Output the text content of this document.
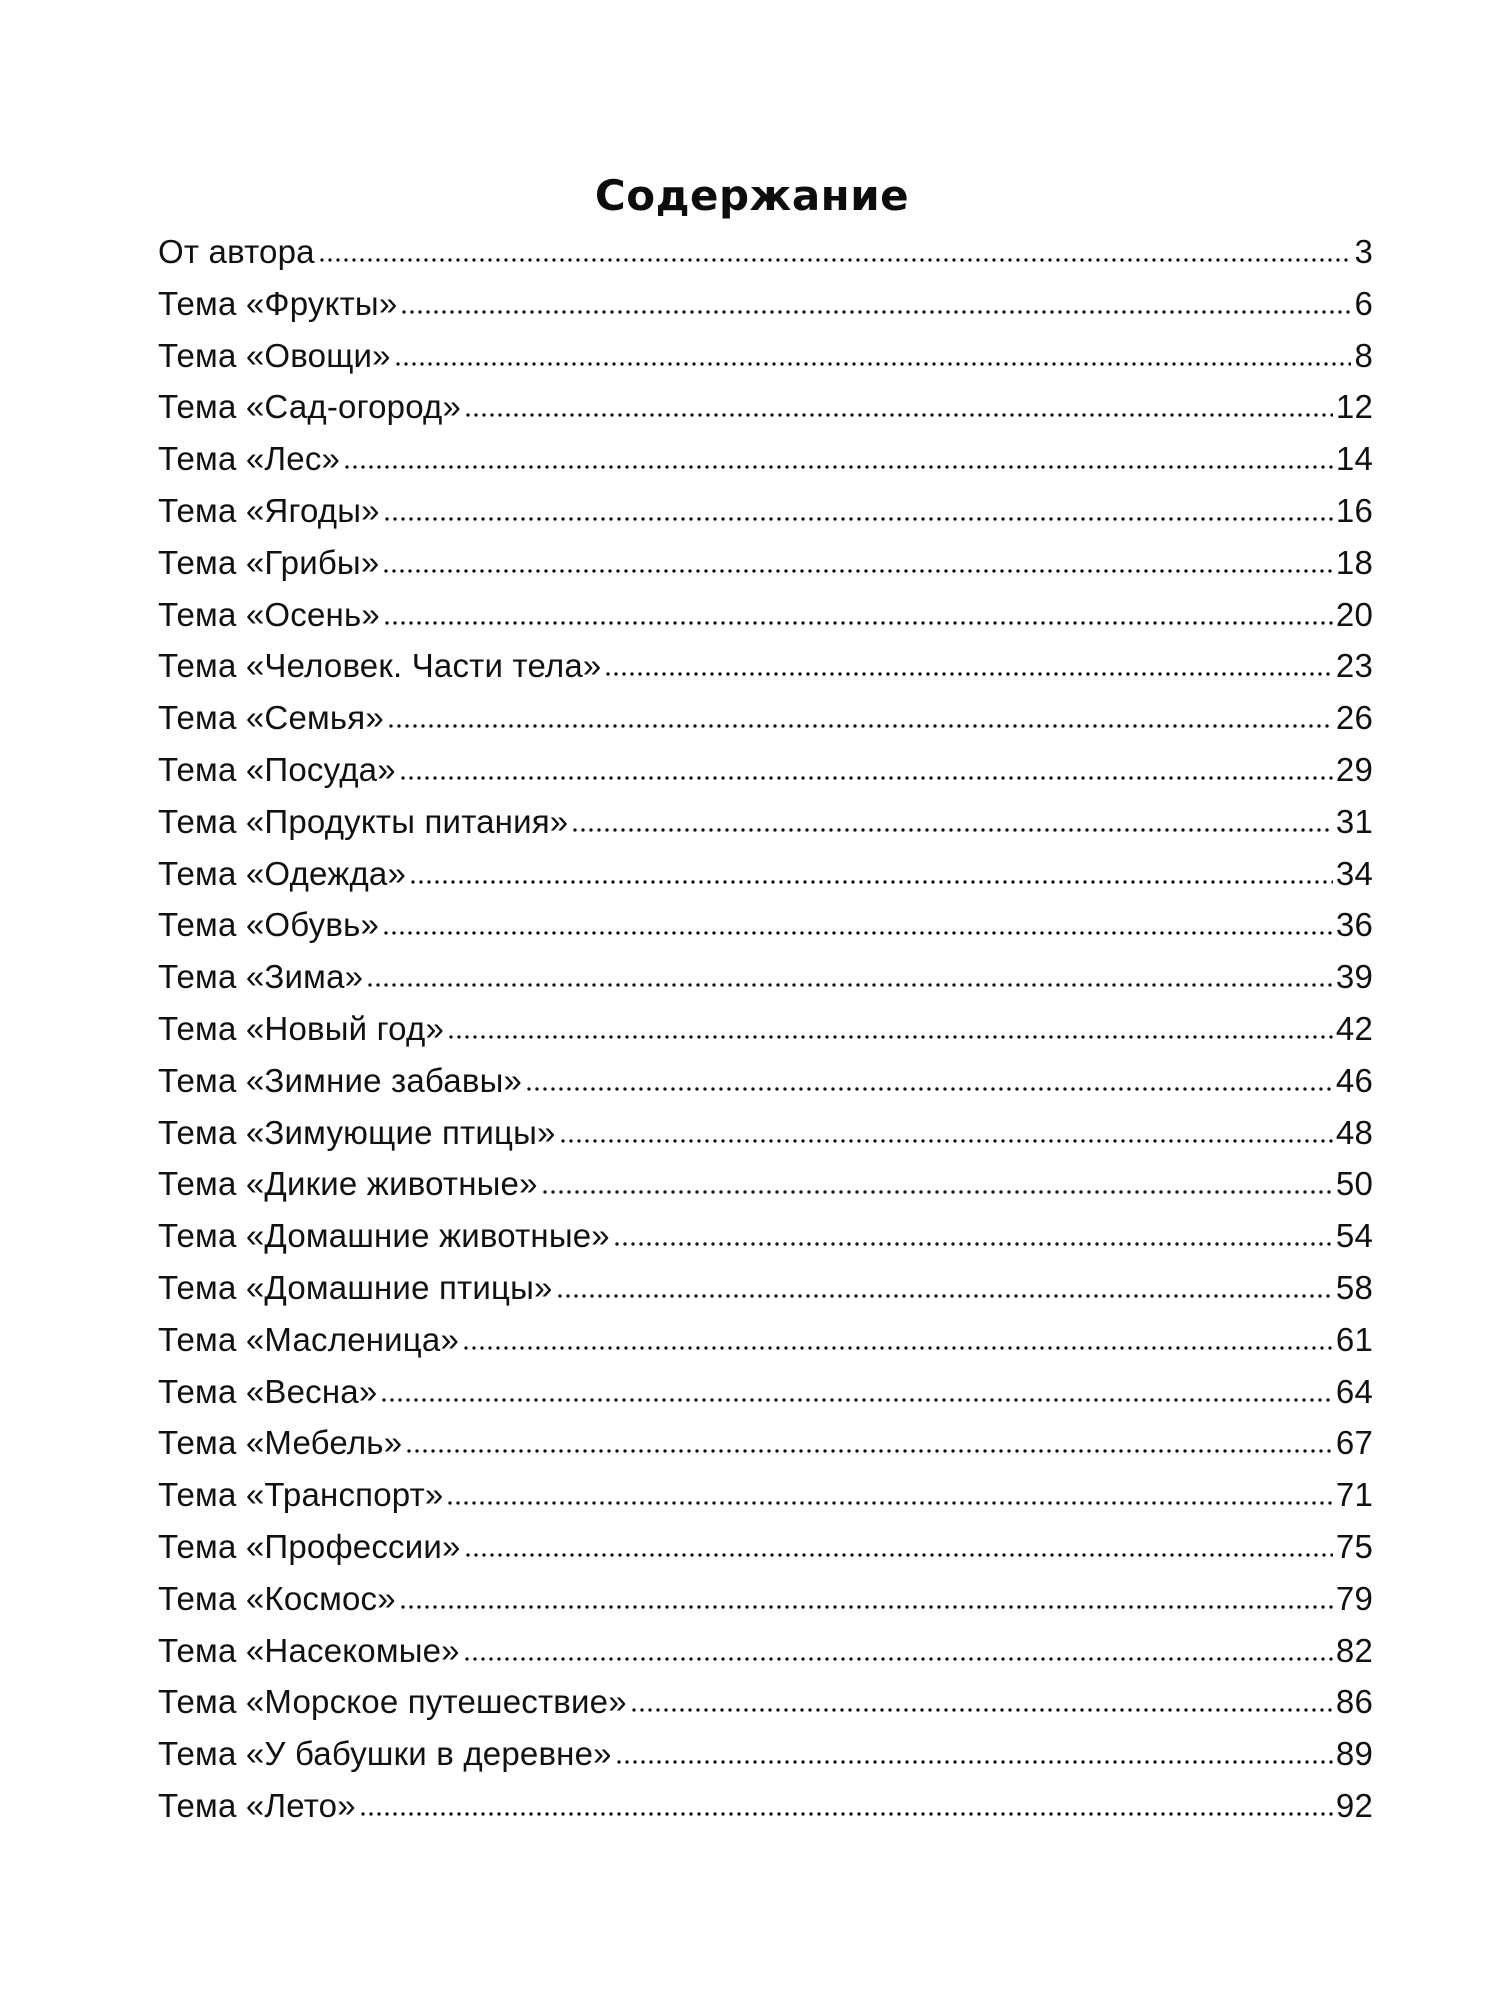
Содержание
От автора	3
Тема «Фрукты»	6
Тема «Овощи»	8
Тема «Сад-огород»	12
Тема «Лес»	14
Тема «Ягоды»	16
Тема «Грибы»	18
Тема «Осень»	20
Тема «Человек. Части тела»	23
Тема «Семья»	26
Тема «Посуда»	29
Тема «Продукты питания»	31
Тема «Одежда»	34
Тема «Обувь»	36
Тема «Зима»	39
Тема «Новый год»	42
Тема «Зимние забавы»	46
Тема «Зимующие птицы»	48
Тема «Дикие животные»	50
Тема «Домашние животные»	54
Тема «Домашние птицы»	58
Тема «Масленица»	61
Тема «Весна»	64
Тема «Мебель»	67
Тема «Транспорт»	71
Тема «Профессии»	75
Тема «Космос»	79
Тема «Насекомые»	82
Тема «Морское путешествие»	86
Тема «У бабушки в деревне»	89
Тема «Лето»	92
